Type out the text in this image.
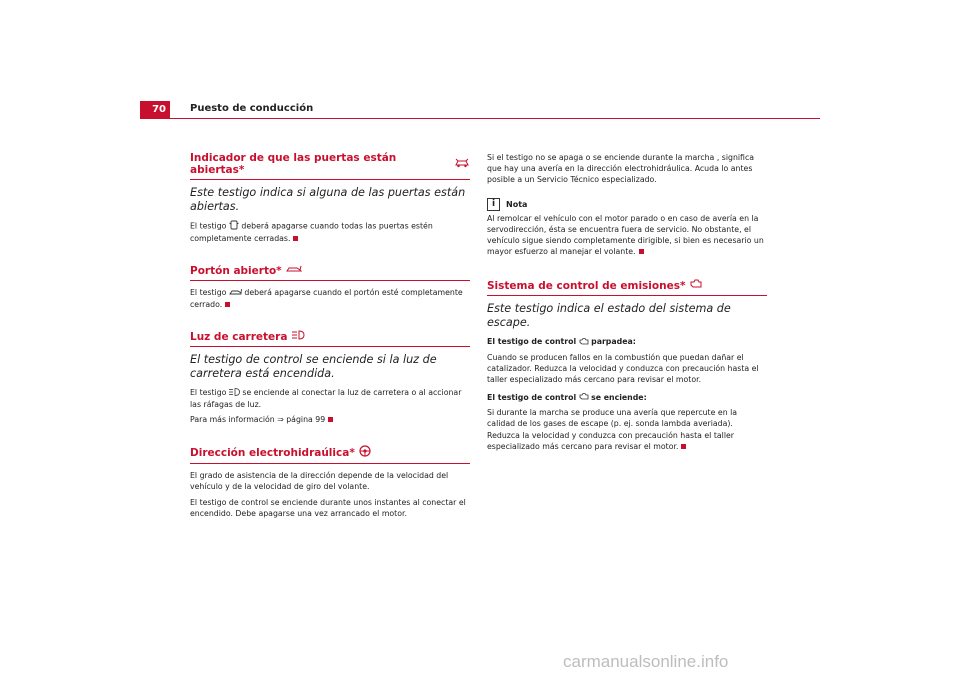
70	Puesto de conducción
Indicador de que las puertas están abiertas*
Este testigo indica si alguna de las puertas están abiertas.
El testigo deberá apagarse cuando todas las puertas estén completamente cerradas.
Portón abierto*
El testigo deberá apagarse cuando el portón esté completamente cerrado.
Luz de carretera
El testigo de control se enciende si la luz de carretera está encendida.
El testigo se enciende al conectar la luz de carretera o al accionar las ráfagas de luz.
Para más información ⇒ página 99
Dirección electrohidraúlica*
El grado de asistencia de la dirección depende de la velocidad del vehículo y de la velocidad de giro del volante.
El testigo de control se enciende durante unos instantes al conectar el encendido. Debe apagarse una vez arrancado el motor.
Si el testigo no se apaga o se enciende durante la marcha , significa que hay una avería en la dirección electrohidráulica. Acuda lo antes posible a un Servicio Técnico especializado.
i	Nota
Al remolcar el vehículo con el motor parado o en caso de avería en la servodirección, ésta se encuentra fuera de servicio. No obstante, el vehículo sigue siendo completamente dirigible, si bien es necesario un mayor esfuerzo al manejar el volante.
Sistema de control de emisiones*
Este testigo indica el estado del sistema de escape.
El testigo de control parpadea:
Cuando se producen fallos en la combustión que puedan dañar el catalizador. Reduzca la velocidad y conduzca con precaución hasta el taller especializado más cercano para revisar el motor.
El testigo de control se enciende:
Si durante la marcha se produce una avería que repercute en la calidad de los gases de escape (p. ej. sonda lambda averiada). Reduzca la velocidad y conduzca con precaución hasta el taller especializado más cercano para revisar el motor.
carmanualsonline.info
